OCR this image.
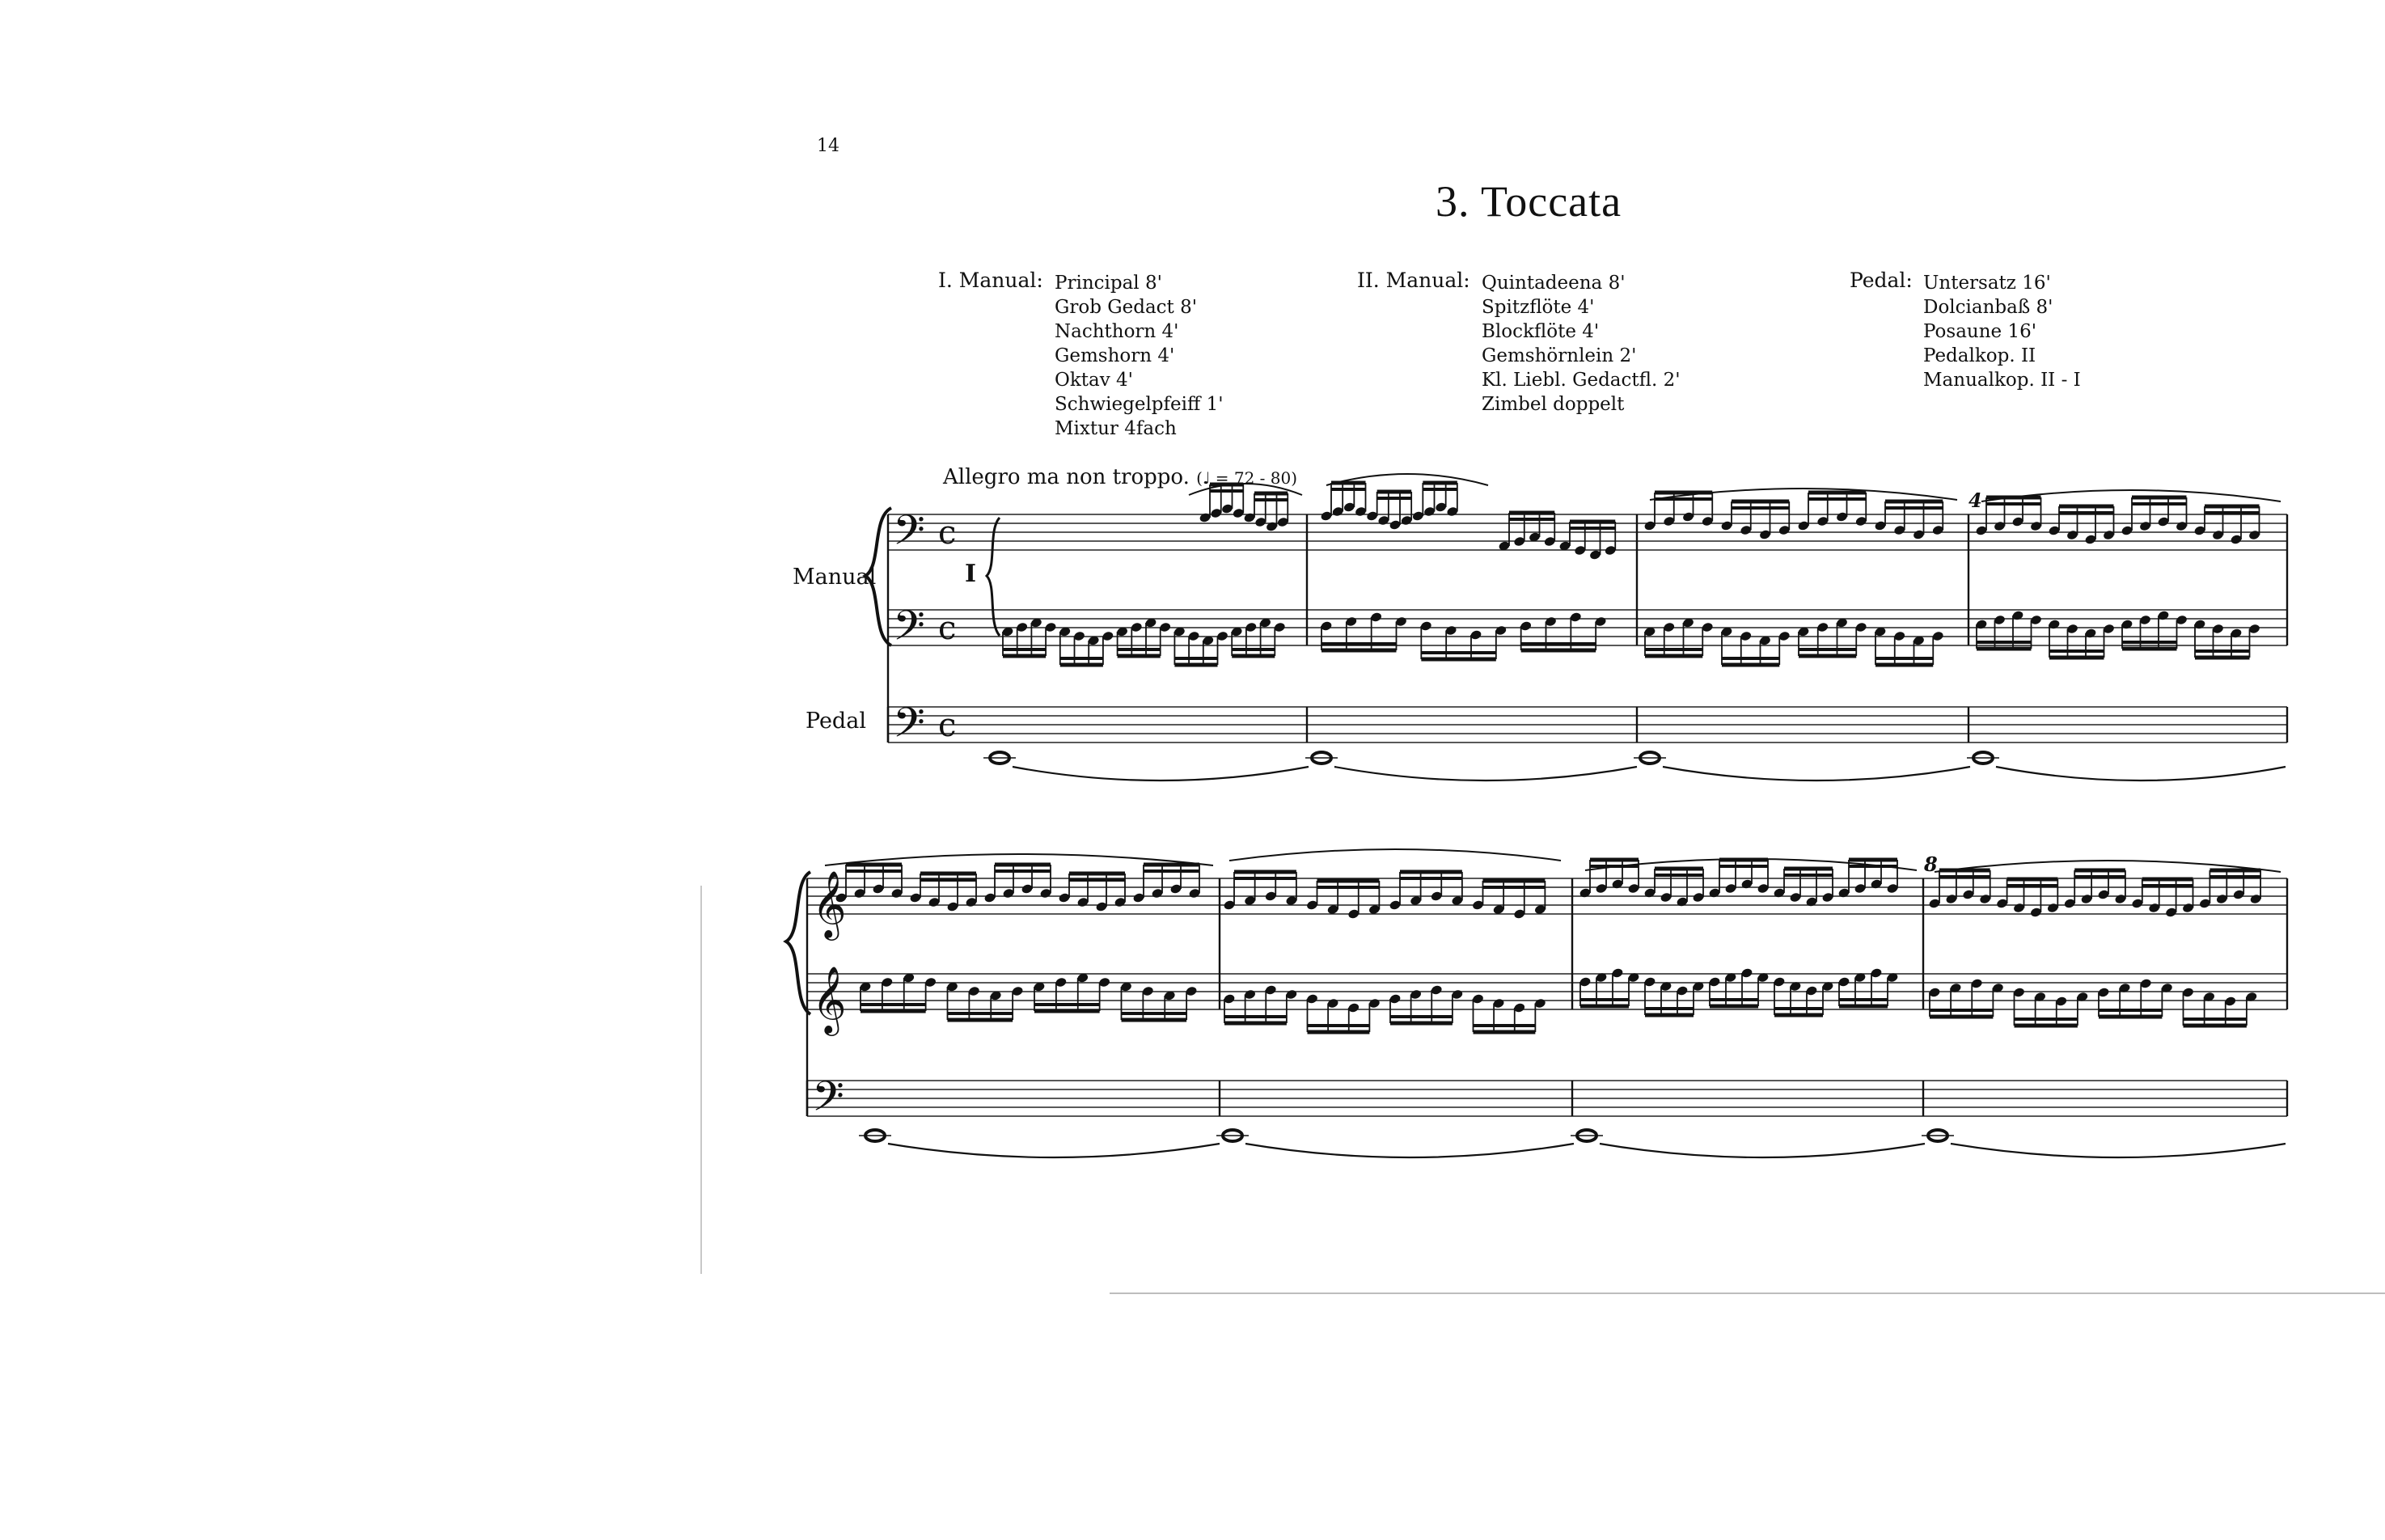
14
3. Toccata
I. Manual: Principal 8'
Grob Gedact 8'
Nachthorn 4'
Gemshorn 4'
Oktav 4'
Schwiegelpfeiff 1'
Mixtur 4fach
II. Manual: Quintadeena 8'
Spitzflöte 4'
Blockflöte 4'
Gemshörnlein 2'
Kl. Liebl. Gedactfl. 2'
Zimbel doppelt
Pedal: Untersatz 16'
Dolcianbaß 8'
Posaune 16'
Pedalkop. II
Manualkop. II - I
Allegro ma non troppo. (♩ = 72 - 80)
Manual	I
Pedal
4
8
𝄢
𝄢
𝄢
𝄞
𝄞
𝄢
c
c
c
